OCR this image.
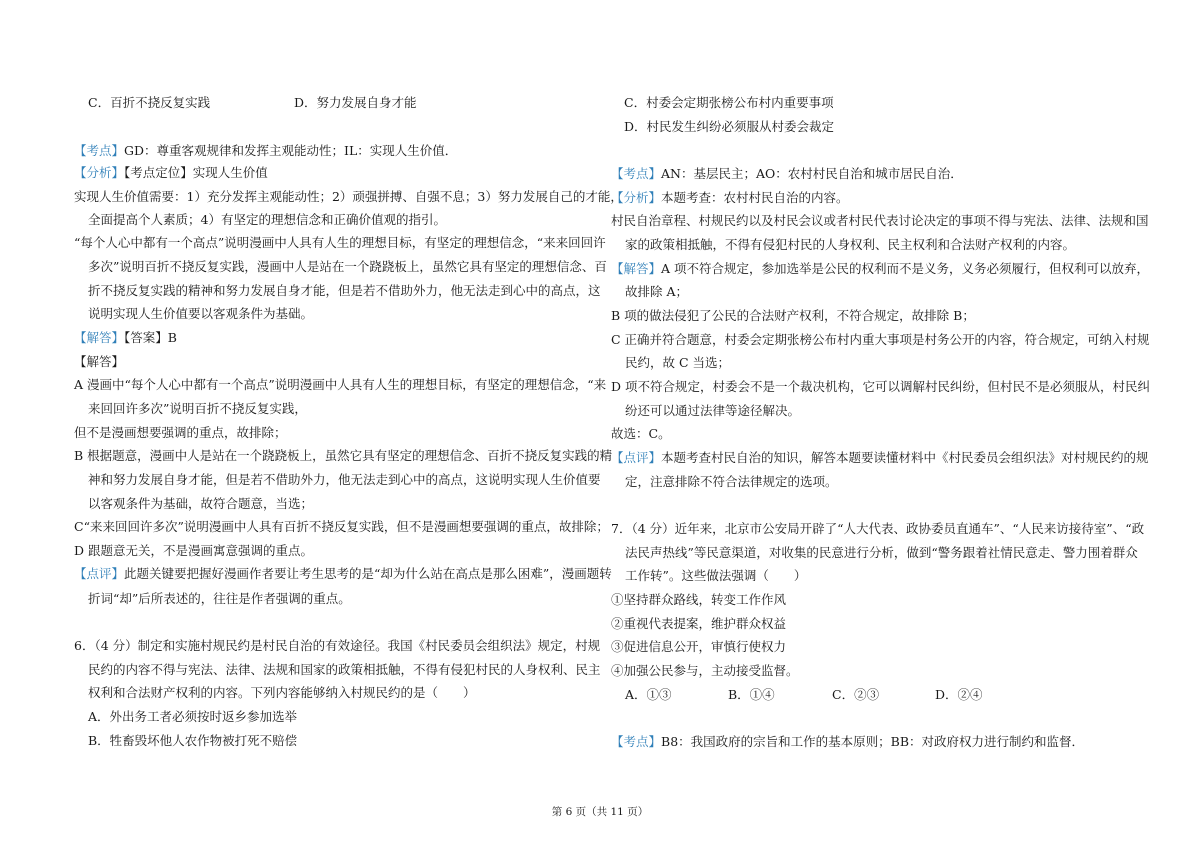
C．百折不挠反复实践	D．努力发展自身才能
【考点】GD：尊重客观规律和发挥主观能动性；IL：实现人生价值．
【分析】【考点定位】实现人生价值
实现人生价值需要：1）充分发挥主观能动性；2）顽强拼搏、自强不息；3）努力发展自己的才能，
全面提高个人素质；4）有坚定的理想信念和正确价值观的指引。
“每个人心中都有一个高点”说明漫画中人具有人生的理想目标，有坚定的理想信念，“来来回回许
多次”说明百折不挠反复实践，漫画中人是站在一个跷跷板上，虽然它具有坚定的理想信念、百
折不挠反复实践的精神和努力发展自身才能，但是若不借助外力，他无法走到心中的高点，这
说明实现人生价值要以客观条件为基础。
【解答】【答案】B
【解答】
A 漫画中“每个人心中都有一个高点”说明漫画中人具有人生的理想目标，有坚定的理想信念，“来
来回回许多次”说明百折不挠反复实践，
但不是漫画想要强调的重点，故排除；
B 根据题意，漫画中人是站在一个跷跷板上，虽然它具有坚定的理想信念、百折不挠反复实践的精
神和努力发展自身才能，但是若不借助外力，他无法走到心中的高点，这说明实现人生价值要
以客观条件为基础，故符合题意，当选；
C“来来回回许多次”说明漫画中人具有百折不挠反复实践，但不是漫画想要强调的重点，故排除；
D 跟题意无关，不是漫画寓意强调的重点。
【点评】此题关键要把握好漫画作者要让考生思考的是“却为什么站在高点是那么困难”，漫画题转
折词“却”后所表述的，往往是作者强调的重点。
6．（4 分）制定和实施村规民约是村民自治的有效途径。我国《村民委员会组织法》规定，村规
民约的内容不得与宪法、法律、法规和国家的政策相抵触，不得有侵犯村民的人身权利、民主
权利和合法财产权利的内容。下列内容能够纳入村规民约的是（　　）
A．外出务工者必须按时返乡参加选举
B．牲畜毁坏他人农作物被打死不赔偿
C．村委会定期张榜公布村内重要事项
D．村民发生纠纷必须服从村委会裁定
【考点】AN：基层民主；AO：农村村民自治和城市居民自治．
【分析】本题考查：农村村民自治的内容。
村民自治章程、村规民约以及村民会议或者村民代表讨论决定的事项不得与宪法、法律、法规和国
家的政策相抵触，不得有侵犯村民的人身权利、民主权利和合法财产权利的内容。
【解答】A 项不符合规定，参加选举是公民的权利而不是义务，义务必须履行，但权利可以放弃，
故排除 A；
B 项的做法侵犯了公民的合法财产权利，不符合规定，故排除 B；
C 正确并符合题意，村委会定期张榜公布村内重大事项是村务公开的内容，符合规定，可纳入村规
民约，故 C 当选；
D 项不符合规定，村委会不是一个裁决机构，它可以调解村民纠纷，但村民不是必须服从，村民纠
纷还可以通过法律等途径解决。
故选：C。
【点评】本题考查村民自治的知识，解答本题要读懂材料中《村民委员会组织法》对村规民约的规
定，注意排除不符合法律规定的选项。
7．（4 分）近年来，北京市公安局开辟了“人大代表、政协委员直通车”、“人民来访接待室”、“政
法民声热线”等民意渠道，对收集的民意进行分析，做到“警务跟着社情民意走、警力围着群众
工作转”。这些做法强调（　　）
①坚持群众路线，转变工作作风
②重视代表提案，维护群众权益
③促进信息公开，审慎行使权力
④加强公民参与，主动接受监督。
A．①③	B．①④	C．②③	D．②④
【考点】B8：我国政府的宗旨和工作的基本原则；BB：对政府权力进行制约和监督．
第 6 页（共 11 页）
